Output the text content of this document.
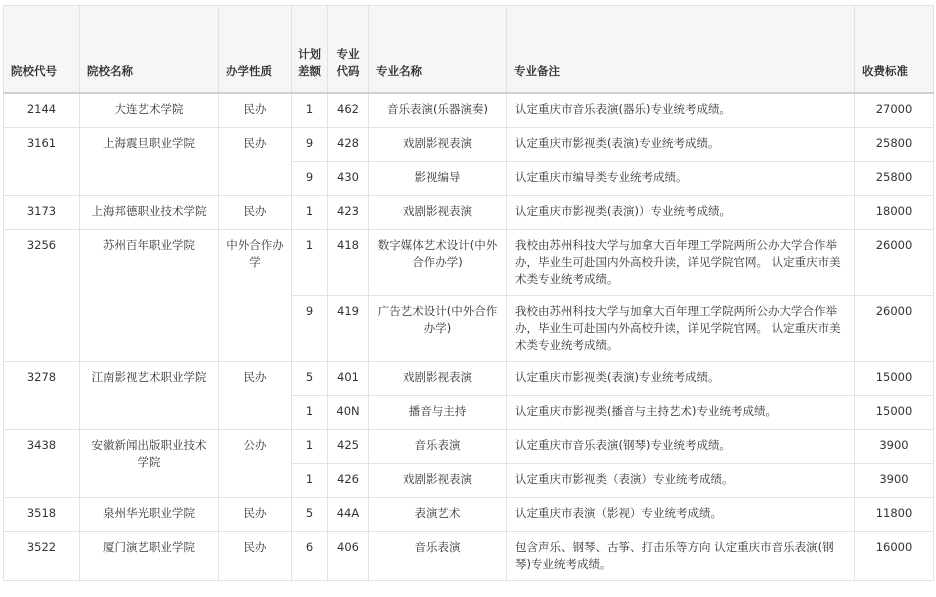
院校代号	院校名称	办学性质	计划差额	专业代码	专业名称	专业备注	收费标准
2144	大连艺术学院	民办	1	462	音乐表演(乐器演奏)	认定重庆市音乐表演(器乐)专业统考成绩。	27000
3161	上海震旦职业学院	民办	9	428	戏剧影视表演	认定重庆市影视类(表演)专业统考成绩。	25800
			9	430	影视编导	认定重庆市编导类专业统考成绩。	25800
3173	上海邦德职业技术学院	民办	1	423	戏剧影视表演	认定重庆市影视类(表演)）专业统考成绩。	18000
3256	苏州百年职业学院	中外合作办学	1	418	数字媒体艺术设计(中外合作办学)	我校由苏州科技大学与加拿大百年理工学院两所公办大学合作举办，毕业生可赴国内外高校升读，详见学院官网。 认定重庆市美术类专业统考成绩。	26000
			9	419	广告艺术设计(中外合作办学)	我校由苏州科技大学与加拿大百年理工学院两所公办大学合作举办，毕业生可赴国内外高校升读，详见学院官网。 认定重庆市美术类专业统考成绩。	26000
3278	江南影视艺术职业学院	民办	5	401	戏剧影视表演	认定重庆市影视类(表演)专业统考成绩。	15000
			1	40N	播音与主持	认定重庆市影视类(播音与主持艺术)专业统考成绩。	15000
3438	安徽新闻出版职业技术学院	公办	1	425	音乐表演	认定重庆市音乐表演(钢琴)专业统考成绩。	3900
			1	426	戏剧影视表演	认定重庆市影视类（表演）专业统考成绩。	3900
3518	泉州华光职业学院	民办	5	44A	表演艺术	认定重庆市表演（影视）专业统考成绩。	11800
3522	厦门演艺职业学院	民办	6	406	音乐表演	包含声乐、钢琴、古筝、打击乐等方向 认定重庆市音乐表演(钢琴)专业统考成绩。	16000
